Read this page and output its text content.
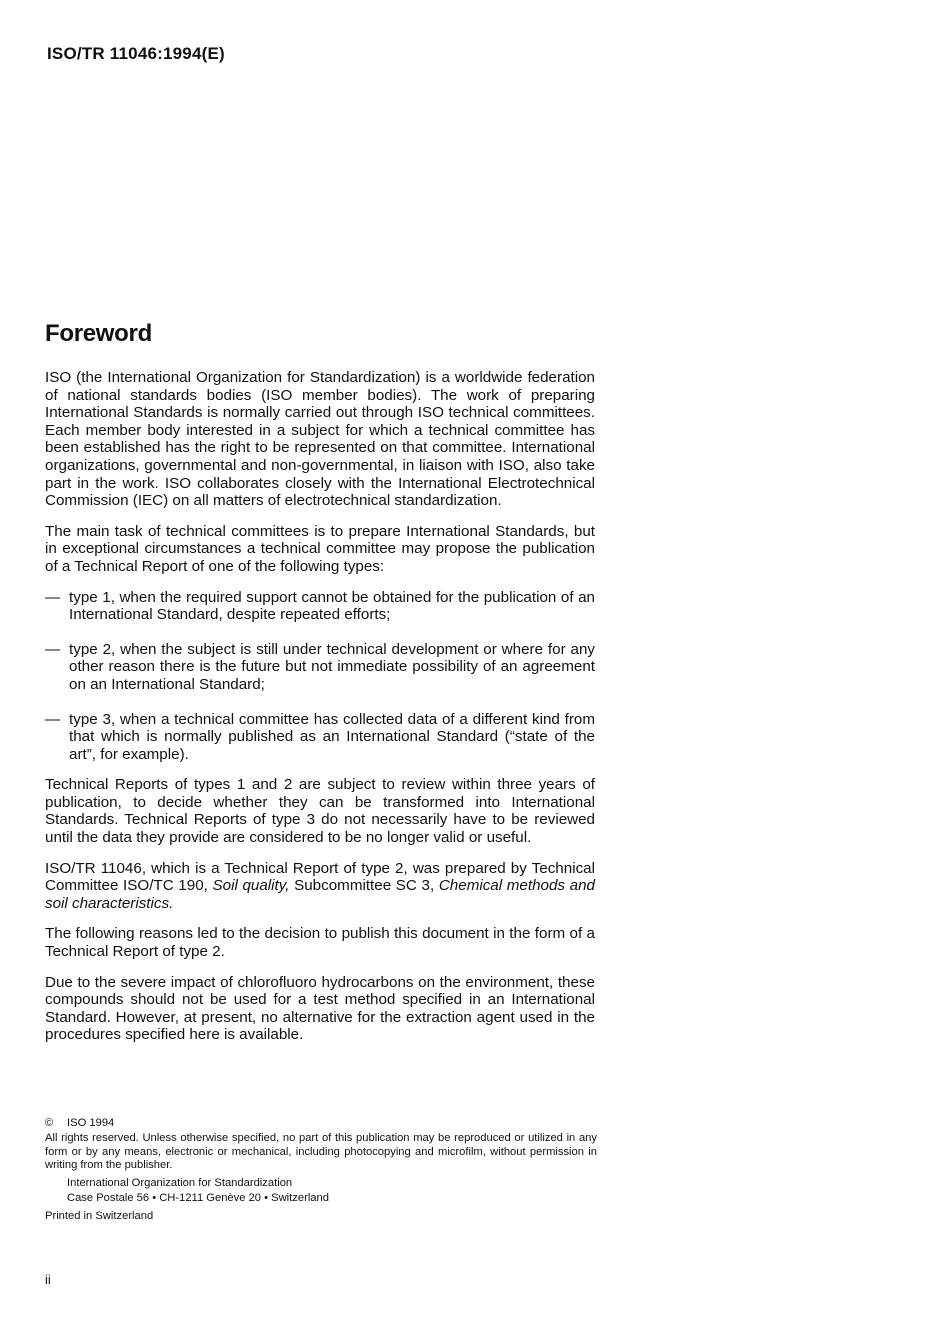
ISO/TR 11046:1994(E)
Foreword

ISO (the International Organization for Standardization) is a worldwide federation of national standards bodies (ISO member bodies). The work of preparing International Standards is normally carried out through ISO technical committees. Each member body interested in a subject for which a technical committee has been established has the right to be represented on that committee. International organizations, governmental and non-governmental, in liaison with ISO, also take part in the work. ISO collaborates closely with the International Electrotechnical Commission (IEC) on all matters of electrotechnical standardization.

The main task of technical committees is to prepare International Standards, but in exceptional circumstances a technical committee may propose the publication of a Technical Report of one of the following types:

— type 1, when the required support cannot be obtained for the publication of an International Standard, despite repeated efforts;
— type 2, when the subject is still under technical development or where for any other reason there is the future but not immediate possibility of an agreement on an International Standard;
— type 3, when a technical committee has collected data of a different kind from that which is normally published as an International Standard (“state of the art”, for example).

Technical Reports of types 1 and 2 are subject to review within three years of publication, to decide whether they can be transformed into International Standards. Technical Reports of type 3 do not necessarily have to be reviewed until the data they provide are considered to be no longer valid or useful.

ISO/TR 11046, which is a Technical Report of type 2, was prepared by Technical Committee ISO/TC 190, Soil quality, Subcommittee SC 3, Chemical methods and soil characteristics.

The following reasons led to the decision to publish this document in the form of a Technical Report of type 2.

Due to the severe impact of chlorofluoro hydrocarbons on the environment, these compounds should not be used for a test method specified in an International Standard. However, at present, no alternative for the extraction agent used in the procedures specified here is available.

© ISO 1994
All rights reserved. Unless otherwise specified, no part of this publication may be reproduced or utilized in any form or by any means, electronic or mechanical, including photocopying and microfilm, without permission in writing from the publisher.
International Organization for Standardization
Case Postale 56 • CH-1211 Genève 20 • Switzerland
Printed in Switzerland
ii
